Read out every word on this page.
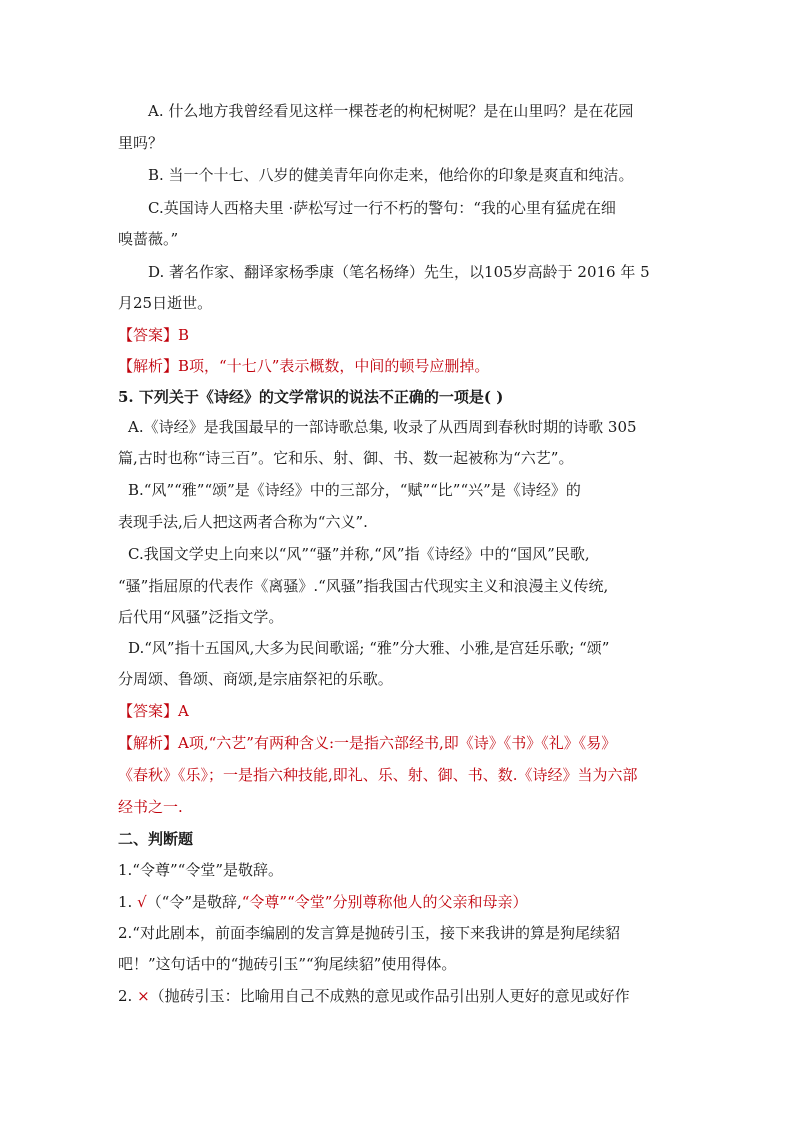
A. 什么地方我曾经看见这样一棵苍老的枸杞树呢？是在山里吗？是在花园
里吗？
B. 当一个十七、八岁的健美青年向你走来，他给你的印象是爽直和纯洁。
C.英国诗人西格夫里 ·萨松写过一行不朽的警句：“我的心里有猛虎在细
嗅蔷薇。”
D. 著名作家、翻译家杨季康（笔名杨绛）先生，以105岁高龄于 2016 年 5
月25日逝世。
【答案】B
【解析】B项，“十七八”表示概数，中间的顿号应删掉。
5. 下列关于《诗经》的文学常识的说法不正确的一项是( )
A.《诗经》是我国最早的一部诗歌总集, 收录了从西周到春秋时期的诗歌 305
篇,古时也称“诗三百”。它和乐、射、御、书、数一起被称为“六艺”。
B.“风”“雅”“颂”是《诗经》中的三部分，“赋”“比”“兴”是《诗经》的
表现手法,后人把这两者合称为“六义”.
C.我国文学史上向来以“风”“骚”并称,“风”指《诗经》中的“国风”民歌,
“骚”指屈原的代表作《离骚》.“风骚”指我国古代现实主义和浪漫主义传统,
后代用“风骚”泛指文学。
D.“风”指十五国风,大多为民间歌谣; “雅”分大雅、小雅,是宫廷乐歌; “颂”
分周颂、鲁颂、商颂,是宗庙祭祀的乐歌。
【答案】A
【解析】A项,“六艺”有两种含义:一是指六部经书,即《诗》《书》《礼》《易》
《春秋》《乐》；一是指六种技能,即礼、乐、射、御、书、数.《诗经》当为六部
经书之一.
二、判断题
1.“令尊”“令堂”是敬辞。
1. √（“令”是敬辞,“令尊”“令堂”分别尊称他人的父亲和母亲）
2.“对此剧本，前面李编剧的发言算是抛砖引玉，接下来我讲的算是狗尾续貂
吧！”这句话中的“抛砖引玉”“狗尾续貂”使用得体。
2. ×（抛砖引玉：比喻用自己不成熟的意见或作品引出别人更好的意见或好作
